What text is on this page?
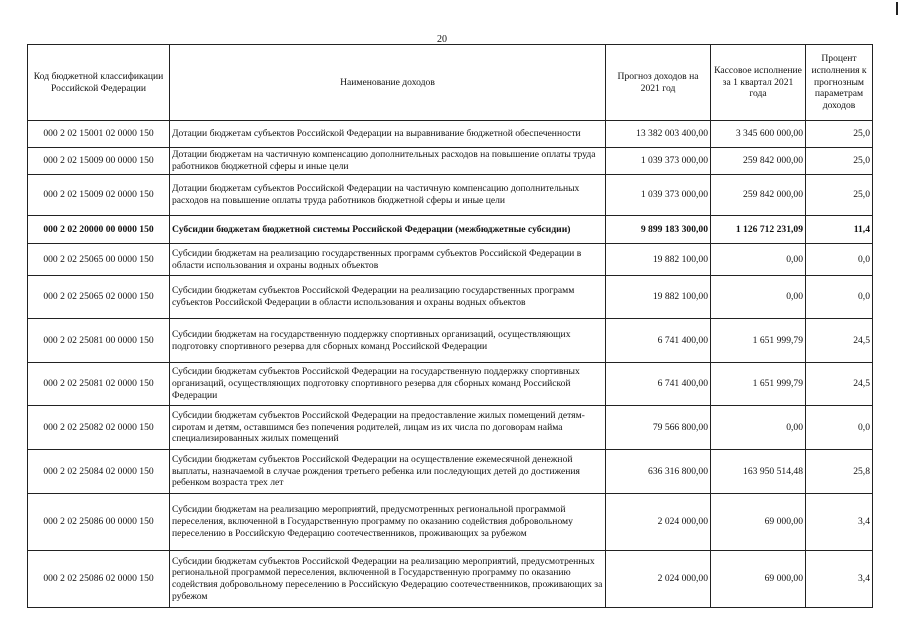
20
Код бюджетной классификации Российской Федерации	Наименование доходов	Прогноз доходов на 2021 год	Кассовое исполнение за 1 квартал 2021 года	Процент исполнения к прогнозным параметрам доходов
000 2 02 15001 02 0000 150	Дотации бюджетам субъектов Российской Федерации на выравнивание бюджетной обеспеченности	13 382 003 400,00	3 345 600 000,00	25,0
000 2 02 15009 00 0000 150	Дотации бюджетам на частичную компенсацию дополнительных расходов на повышение оплаты труда работников бюджетной сферы и иные цели	1 039 373 000,00	259 842 000,00	25,0
000 2 02 15009 02 0000 150	Дотации бюджетам субъектов Российской Федерации на частичную компенсацию дополнительных расходов на повышение оплаты труда работников бюджетной сферы и иные цели	1 039 373 000,00	259 842 000,00	25,0
000 2 02 20000 00 0000 150	Субсидии бюджетам бюджетной системы Российской Федерации (межбюджетные субсидии)	9 899 183 300,00	1 126 712 231,09	11,4
000 2 02 25065 00 0000 150	Субсидии бюджетам на реализацию государственных программ субъектов Российской Федерации в области использования и охраны водных объектов	19 882 100,00	0,00	0,0
000 2 02 25065 02 0000 150	Субсидии бюджетам субъектов Российской Федерации на реализацию государственных программ субъектов Российской Федерации в области использования и охраны водных объектов	19 882 100,00	0,00	0,0
000 2 02 25081 00 0000 150	Субсидии бюджетам на государственную поддержку спортивных организаций, осуществляющих подготовку спортивного резерва для сборных команд Российской Федерации	6 741 400,00	1 651 999,79	24,5
000 2 02 25081 02 0000 150	Субсидии бюджетам субъектов Российской Федерации на государственную поддержку спортивных организаций, осуществляющих подготовку спортивного резерва для сборных команд Российской Федерации	6 741 400,00	1 651 999,79	24,5
000 2 02 25082 02 0000 150	Субсидии бюджетам субъектов Российской Федерации на предоставление жилых помещений детям-сиротам и детям, оставшимся без попечения родителей, лицам из их числа по договорам найма специализированных жилых помещений	79 566 800,00	0,00	0,0
000 2 02 25084 02 0000 150	Субсидии бюджетам субъектов Российской Федерации на осуществление ежемесячной денежной выплаты, назначаемой в случае рождения третьего ребенка или последующих детей до достижения ребенком возраста трех лет	636 316 800,00	163 950 514,48	25,8
000 2 02 25086 00 0000 150	Субсидии бюджетам на реализацию мероприятий, предусмотренных региональной программой переселения, включенной в Государственную программу по оказанию содействия добровольному переселению в Российскую Федерацию соотечественников, проживающих за рубежом	2 024 000,00	69 000,00	3,4
000 2 02 25086 02 0000 150	Субсидии бюджетам субъектов Российской Федерации на реализацию мероприятий, предусмотренных региональной программой переселения, включенной в Государственную программу по оказанию содействия добровольному переселению в Российскую Федерацию соотечественников, проживающих за рубежом	2 024 000,00	69 000,00	3,4
